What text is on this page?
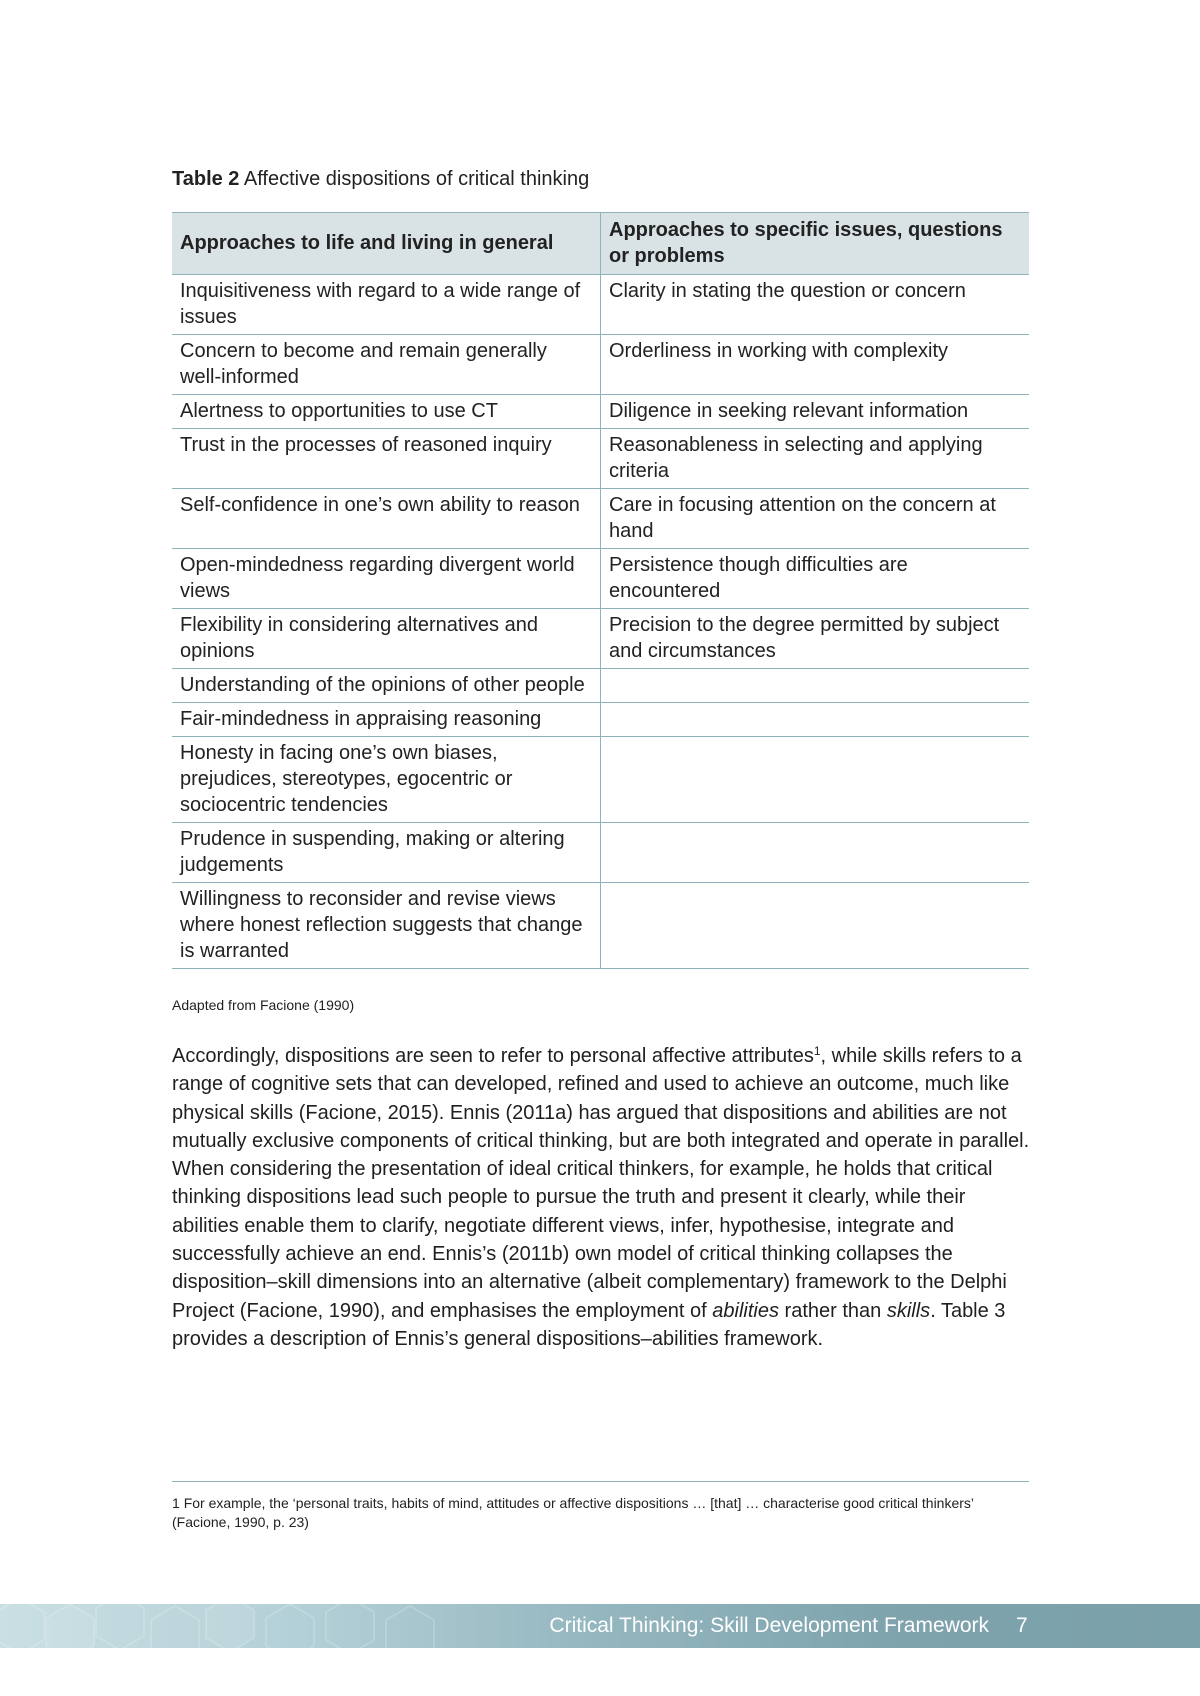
Table 2 Affective dispositions of critical thinking
Approaches to life and living in general	Approaches to specific issues, questions or problems
Inquisitiveness with regard to a wide range of issues	Clarity in stating the question or concern
Concern to become and remain generally well-informed	Orderliness in working with complexity
Alertness to opportunities to use CT	Diligence in seeking relevant information
Trust in the processes of reasoned inquiry	Reasonableness in selecting and applying criteria
Self-confidence in one’s own ability to reason	Care in focusing attention on the concern at hand
Open-mindedness regarding divergent world views	Persistence though difficulties are encountered
Flexibility in considering alternatives and opinions	Precision to the degree permitted by subject and circumstances
Understanding of the opinions of other people	
Fair-mindedness in appraising reasoning	
Honesty in facing one’s own biases, prejudices, stereotypes, egocentric or sociocentric tendencies	
Prudence in suspending, making or altering judgements	
Willingness to reconsider and revise views where honest reflection suggests that change is warranted	
Adapted from Facione (1990)

Accordingly, dispositions are seen to refer to personal affective attributes$^1$, while skills refers to a range of cognitive sets that can developed, refined and used to achieve an outcome, much like physical skills (Facione, 2015). Ennis (2011a) has argued that dispositions and abilities are not mutually exclusive components of critical thinking, but are both integrated and operate in parallel. When considering the presentation of ideal critical thinkers, for example, he holds that critical thinking dispositions lead such people to pursue the truth and present it clearly, while their abilities enable them to clarify, negotiate different views, infer, hypothesise, integrate and successfully achieve an end. Ennis’s (2011b) own model of critical thinking collapses the disposition–skill dimensions into an alternative (albeit complementary) framework to the Delphi Project (Facione, 1990), and emphasises the employment of abilities rather than skills. Table 3 provides a description of Ennis’s general dispositions–abilities framework.

1 For example, the ‘personal traits, habits of mind, attitudes or affective dispositions … [that] … characterise good critical thinkers’ (Facione, 1990, p. 23)
Critical Thinking: Skill Development Framework 7
